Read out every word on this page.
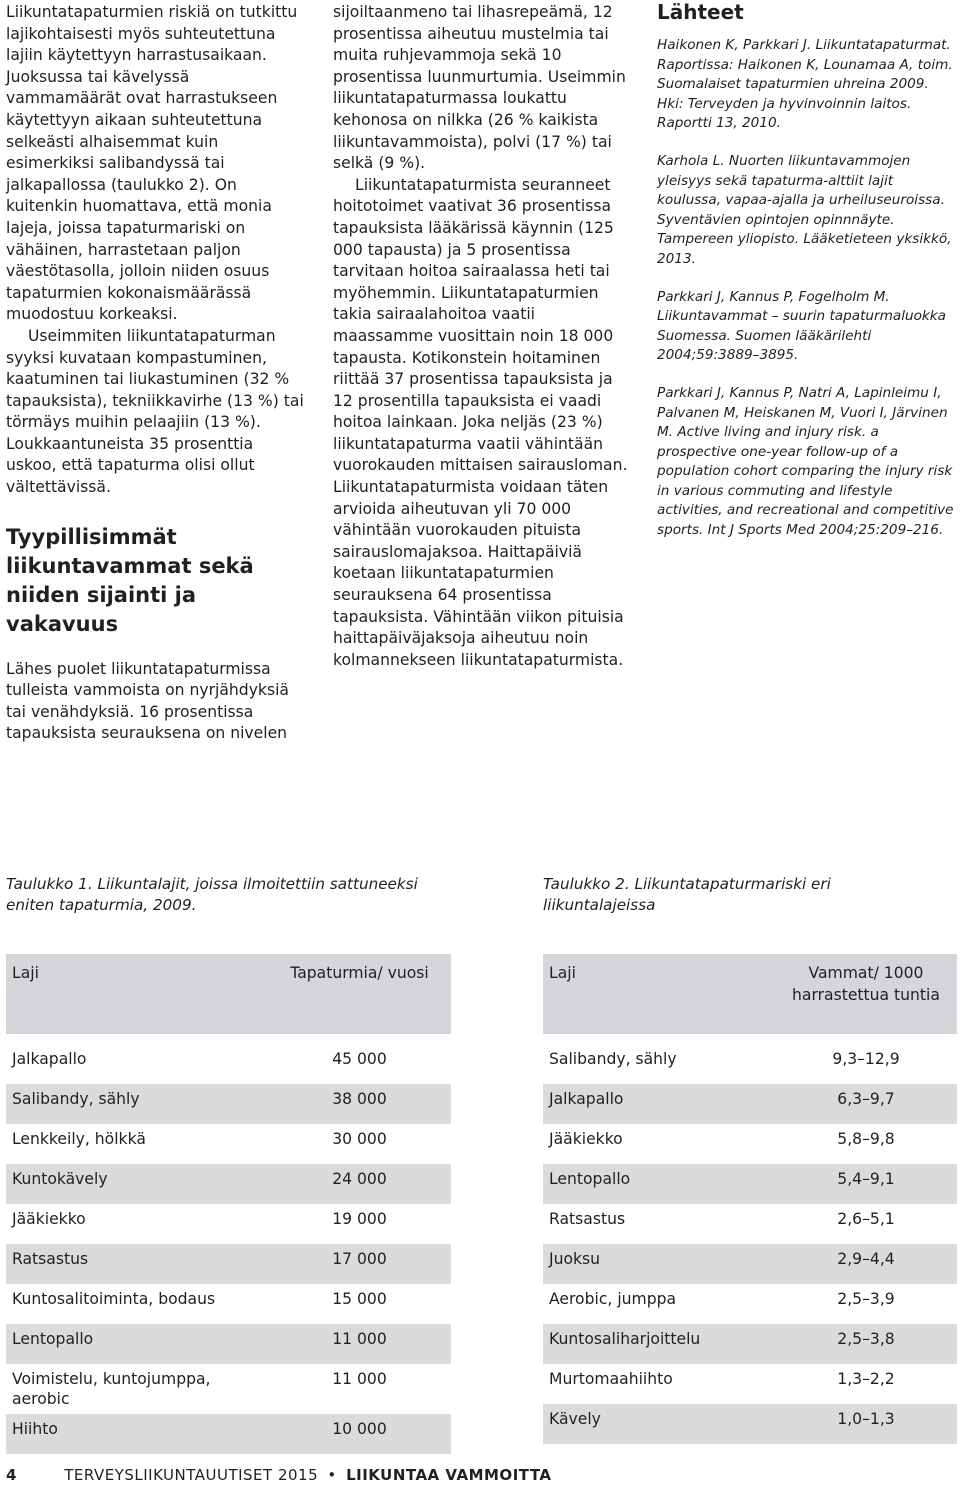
Liikuntatapaturmien riskiä on tutkittu lajikohtaisesti myös suhteutettuna lajiin käytettyyn harrastusaikaan. Juoksussa tai kävelyssä vammamäärät ovat harrastukseen käytettyyn aikaan suhteutettuna selkeästi alhaisemmat kuin esimerkiksi salibandyssä tai jalkapallossa (taulukko 2). On kuitenkin huomattava, että monia lajeja, joissa tapaturmariski on vähäinen, harrastetaan paljon väestötasolla, jolloin niiden osuus tapaturmien kokonaismäärässä muodostuu korkeaksi.

Useimmiten liikuntatapaturman syyksi kuvataan kompastuminen, kaatuminen tai liukastuminen (32 % tapauksista), tekniikkavirhe (13 %) tai törmäys muihin pelaajiin (13 %). Loukkaantuneista 35 prosenttia uskoo, että tapaturma olisi ollut vältettävissä.

Tyypillisimmät liikuntavammat sekä niiden sijainti ja vakavuus

Lähes puolet liikuntatapaturmissa tulleista vammoista on nyrjähdyksiä tai venähdyksiä. 16 prosentissa tapauksista seurauksena on nivelen

sijoiltaanmeno tai lihasrepeämä, 12 prosentissa aiheutuu mustelmia tai muita ruhjevammoja sekä 10 prosentissa luunmurtumia. Useimmin liikuntatapaturmassa loukattu kehonosa on nilkka (26 % kaikista liikuntavammoista), polvi (17 %) tai selkä (9 %).

Liikuntatapaturmista seuranneet hoitotoimet vaativat 36 prosentissa tapauksista lääkärissä käynnin (125 000 tapausta) ja 5 prosentissa tarvitaan hoitoa sairaalassa heti tai myöhemmin. Liikuntatapaturmien takia sairaalahoitoa vaatii maassamme vuosittain noin 18 000 tapausta. Kotikonstein hoitaminen riittää 37 prosentissa tapauksista ja 12 prosentilla tapauksista ei vaadi hoitoa lainkaan. Joka neljäs (23 %) liikuntatapaturma vaatii vähintään vuorokauden mittaisen sairausloman. Liikuntatapaturmista voidaan täten arvioida aiheutuvan yli 70 000 vähintään vuorokauden pituista sairauslomajaksoa. Haittapäiviä koetaan liikuntatapaturmien seurauksena 64 prosentissa tapauksista. Vähintään viikon pituisia haittapäiväjaksoja aiheutuu noin kolmannekseen liikuntatapaturmista.

Lähteet

Haikonen K, Parkkari J. Liikuntatapaturmat. Raportissa: Haikonen K, Lounamaa A, toim. Suomalaiset tapaturmien uhreina 2009. Hki: Terveyden ja hyvinvoinnin laitos. Raportti 13, 2010.

Karhola L. Nuorten liikuntavammojen yleisyys sekä tapaturma-alttiit lajit koulussa, vapaa-ajalla ja urheiluseuroissa. Syventävien opintojen opinnnäyte. Tampereen yliopisto. Lääketieteen yksikkö, 2013.

Parkkari J, Kannus P, Fogelholm M. Liikuntavammat – suurin tapaturmaluokka Suomessa. Suomen lääkärilehti 2004;59:3889–3895.

Parkkari J, Kannus P, Natri A, Lapinleimu I, Palvanen M, Heiskanen M, Vuori I, Järvinen M. Active living and injury risk. a prospective one-year follow-up of a population cohort comparing the injury risk in various commuting and lifestyle activities, and recreational and competitive sports. Int J Sports Med 2004;25:209–216.

Taulukko 1. Liikuntalajit, joissa ilmoitettiin sattuneeksi eniten tapaturmia, 2009.
Taulukko 2. Liikuntatapaturmariski eri liikuntalajeissa
Laji	Tapaturmia/ vuosi

Jalkapallo	45 000
Salibandy, sähly	38 000
Lenkkeily, hölkkä	30 000
Kuntokävely	24 000
Jääkiekko	19 000
Ratsastus	17 000
Kuntosalitoiminta, bodaus	15 000
Lentopallo	11 000
Voimistelu, kuntojumppa, aerobic	11 000
Hiihto	10 000
Laji	Vammat/ 1000 harrastettua tuntia

Salibandy, sähly	9,3–12,9
Jalkapallo	6,3–9,7
Jääkiekko	5,8–9,8
Lentopallo	5,4–9,1
Ratsastus	2,6–5,1
Juoksu	2,9–4,4
Aerobic, jumppa	2,5–3,9
Kuntosaliharjoittelu	2,5–3,8
Murtomaahiihto	1,3–2,2
Kävely	1,0–1,3
4	TERVEYSLIIKUNTAUUTISET 2015 • LIIKUNTAA VAMMOITTA
